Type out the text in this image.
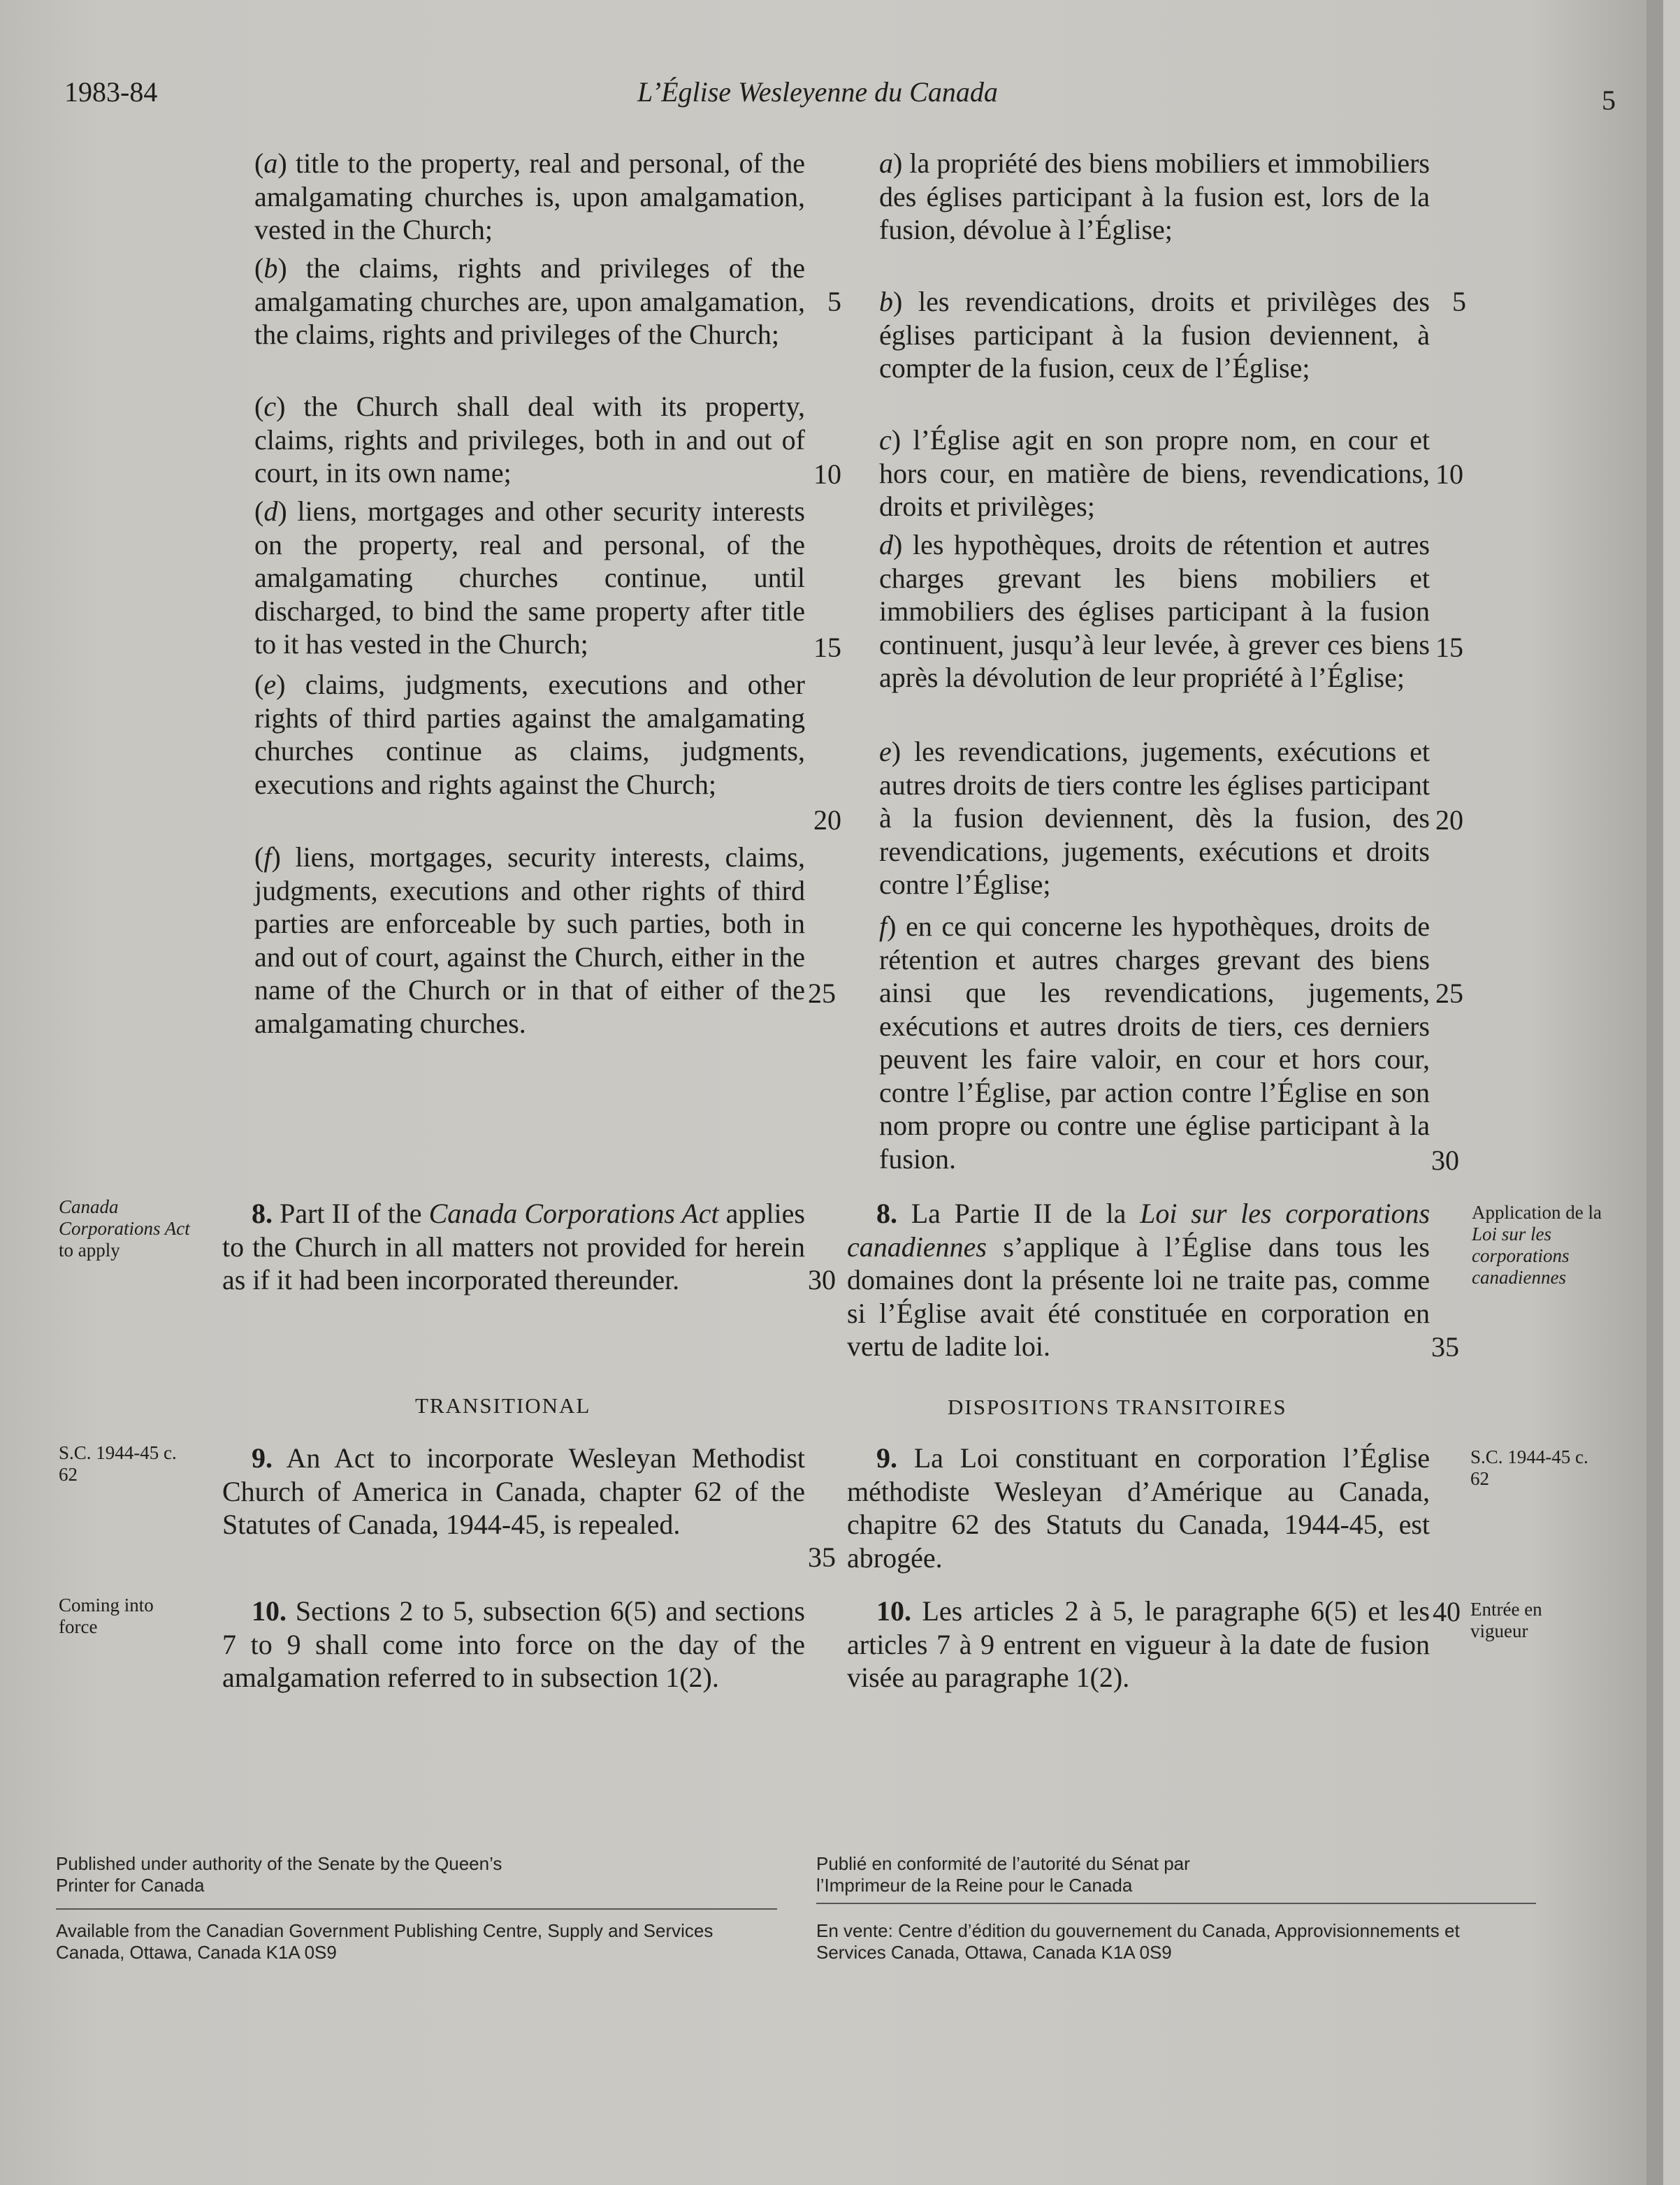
1983-84	L’Église Wesleyenne du Canada	5

(a) title to the property, real and personal, of the amalgamating churches is, upon amalgamation, vested in the Church;

(b) the claims, rights and privileges of the amalgamating churches are, upon amalgamation, the claims, rights and privileges of the Church;

(c) the Church shall deal with its property, claims, rights and privileges, both in and out of court, in its own name;

(d) liens, mortgages and other security interests on the property, real and personal, of the amalgamating churches continue, until discharged, to bind the same property after title to it has vested in the Church;

(e) claims, judgments, executions and other rights of third parties against the amalgamating churches continue as claims, judgments, executions and rights against the Church;

(f) liens, mortgages, security interests, claims, judgments, executions and other rights of third parties are enforceable by such parties, both in and out of court, against the Church, either in the name of the Church or in that of either of the amalgamating churches.

8. Part II of the Canada Corporations Act applies to the Church in all matters not provided for herein as if it had been incorporated thereunder.

TRANSITIONAL

9. An Act to incorporate Wesleyan Methodist Church of America in Canada, chapter 62 of the Statutes of Canada, 1944-45, is repealed.

10. Sections 2 to 5, subsection 6(5) and sections 7 to 9 shall come into force on the day of the amalgamation referred to in subsection 1(2).

5
10
15
20
25
30
35

a) la propriété des biens mobiliers et immobiliers des églises participant à la fusion est, lors de la fusion, dévolue à l’Église;

b) les revendications, droits et privilèges des églises participant à la fusion deviennent, à compter de la fusion, ceux de l’Église;

c) l’Église agit en son propre nom, en cour et hors cour, en matière de biens, revendications, droits et privilèges;

d) les hypothèques, droits de rétention et autres charges grevant les biens mobiliers et immobiliers des églises participant à la fusion continuent, jusqu’à leur levée, à grever ces biens après la dévolution de leur propriété à l’Église;

e) les revendications, jugements, exécutions et autres droits de tiers contre les églises participant à la fusion deviennent, dès la fusion, des revendications, jugements, exécutions et droits contre l’Église;

f) en ce qui concerne les hypothèques, droits de rétention et autres charges grevant des biens ainsi que les revendications, jugements, exécutions et autres droits de tiers, ces derniers peuvent les faire valoir, en cour et hors cour, contre l’Église, par action contre l’Église en son nom propre ou contre une église participant à la fusion.

8. La Partie II de la Loi sur les corporations canadiennes s’applique à l’Église dans tous les domaines dont la présente loi ne traite pas, comme si l’Église avait été constituée en corporation en vertu de ladite loi.

DISPOSITIONS TRANSITOIRES

9. La Loi constituant en corporation l’Église méthodiste Wesleyan d’Amérique au Canada, chapitre 62 des Statuts du Canada, 1944-45, est abrogée.

10. Les articles 2 à 5, le paragraphe 6(5) et les articles 7 à 9 entrent en vigueur à la date de fusion visée au paragraphe 1(2).

5
10
15
20
25
30
35
40
Canada Corporations Act to apply
S.C. 1944-45 c. 62
Coming into force
Application de la Loi sur les corporations canadiennes
S.C. 1944-45 c. 62
Entrée en vigueur
Published under authority of the Senate by the Queen’s Printer for Canada
Available from the Canadian Government Publishing Centre, Supply and Services Canada, Ottawa, Canada K1A 0S9
Publié en conformité de l’autorité du Sénat par l’Imprimeur de la Reine pour le Canada
En vente: Centre d’édition du gouvernement du Canada, Approvisionnements et Services Canada, Ottawa, Canada K1A 0S9
